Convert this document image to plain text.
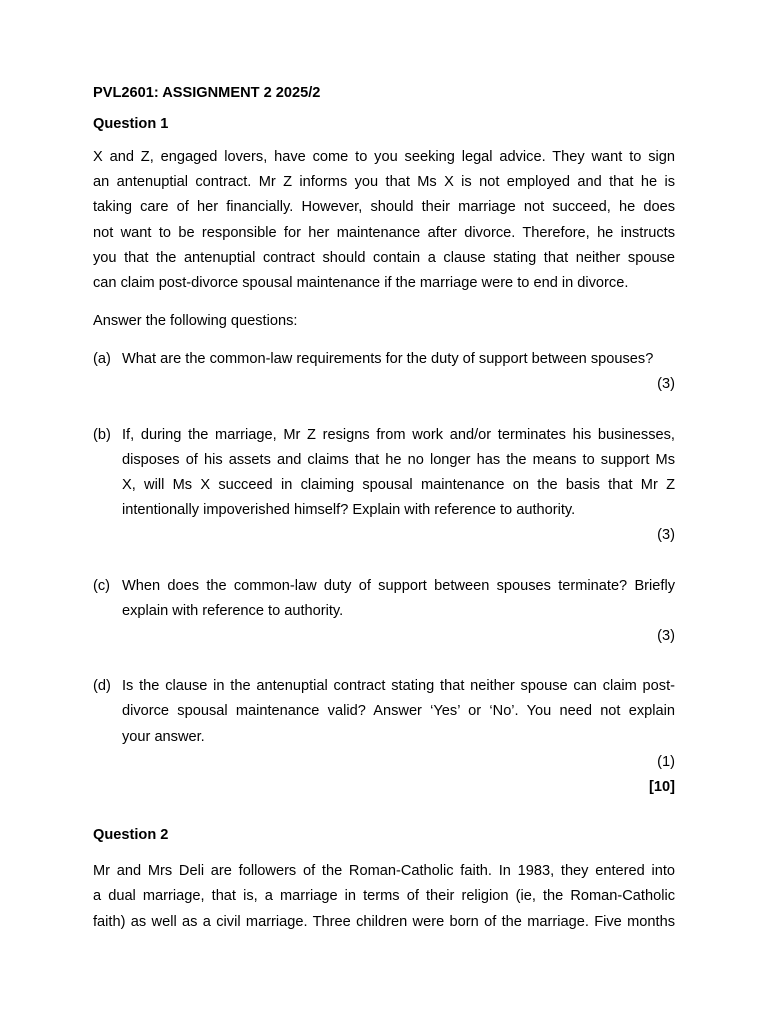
PVL2601: ASSIGNMENT 2 2025/2
Question 1
X and Z, engaged lovers, have come to you seeking legal advice. They want to sign
an antenuptial contract. Mr Z informs you that Ms X is not employed and that he is
taking care of her financially. However, should their marriage not succeed, he does
not want to be responsible for her maintenance after divorce. Therefore, he instructs
you that the antenuptial contract should contain a clause stating that neither spouse
can claim post-divorce spousal maintenance if the marriage were to end in divorce.
Answer the following questions:
(a) What are the common-law requirements for the duty of support between spouses?
(3)
(b) If, during the marriage, Mr Z resigns from work and/or terminates his businesses,
disposes of his assets and claims that he no longer has the means to support Ms
X, will Ms X succeed in claiming spousal maintenance on the basis that Mr Z
intentionally impoverished himself? Explain with reference to authority.
(3)
(c) When does the common-law duty of support between spouses terminate? Briefly
explain with reference to authority.
(3)
(d) Is the clause in the antenuptial contract stating that neither spouse can claim post-
divorce spousal maintenance valid? Answer ‘Yes’ or ‘No’. You need not explain
your answer.
(1)
[10]
Question 2
Mr and Mrs Deli are followers of the Roman-Catholic faith. In 1983, they entered into
a dual marriage, that is, a marriage in terms of their religion (ie, the Roman-Catholic
faith) as well as a civil marriage. Three children were born of the marriage. Five months
